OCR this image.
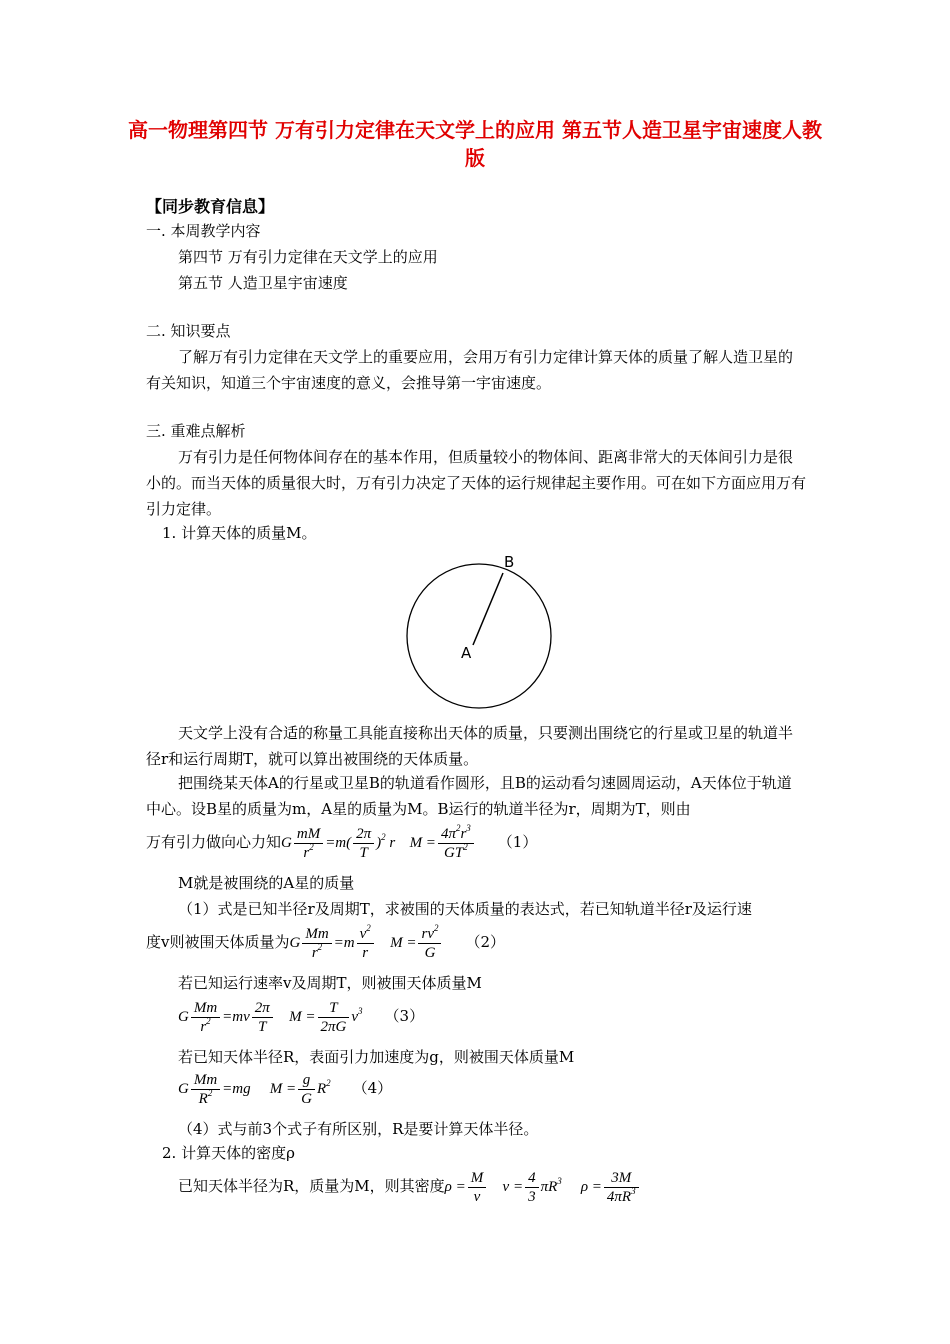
高一物理第四节 万有引力定律在天文学上的应用 第五节人造卫星宇宙速度人教版
【同步教育信息】
一. 本周教学内容
第四节 万有引力定律在天文学上的应用
第五节 人造卫星宇宙速度
二. 知识要点
了解万有引力定律在天文学上的重要应用，会用万有引力定律计算天体的质量了解人造卫星的有关知识，知道三个宇宙速度的意义，会推导第一宇宙速度。
三. 重难点解析
万有引力是任何物体间存在的基本作用，但质量较小的物体间、距离非常大的天体间引力是很小的。而当天体的质量很大时，万有引力决定了天体的运行规律起主要作用。可在如下方面应用万有引力定律。
1. 计算天体的质量M。
B
A
天文学上没有合适的称量工具能直接称出天体的质量，只要测出围绕它的行星或卫星的轨道半径r和运行周期T，就可以算出被围绕的天体质量。
把围绕某天体A的行星或卫星B的轨道看作圆形，且B的运动看匀速圆周运动，A天体位于轨道中心。设B星的质量为m，A星的质量为M。B运行的轨道半径为r，周期为T，则由
万有引力做向心力知G $\frac{mM}{r^2} =m( \frac{2\pi}{T} )^2$ r $M = \frac{4\pi^2r^3}{GT^2} (1)$
M就是被围绕的A星的质量
（1）式是已知半径r及周期T，求被围的天体质量的表达式，若已知轨道半径r及运行速
度v则被围天体质量为G $\frac{Mm}{r^2} =m \frac{v^2}{r}$ $M = \frac{rv^2}{G} (2)$
若已知运行速率v及周期T，则被围天体质量M
G $\frac{Mm}{r^2} =mv \frac{2\pi}{T}$ $M = \frac{T}{2\pi G} v^3$ （3）
若已知天体半径R，表面引力加速度为g，则被围天体质量M
G $\frac{Mm}{R^2} =mg$ $M = \frac{g}{G} R^2$ （4）
（4）式与前3个式子有所区别，R是要计算天体半径。
2. 计算天体的密度ρ
已知天体半径为R，质量为M，则其密度$\rho = \frac{M}{v}$ $v = \frac{4}{3} \pi R^3$ $\rho = \frac{3M}{4\pi R^3}$
